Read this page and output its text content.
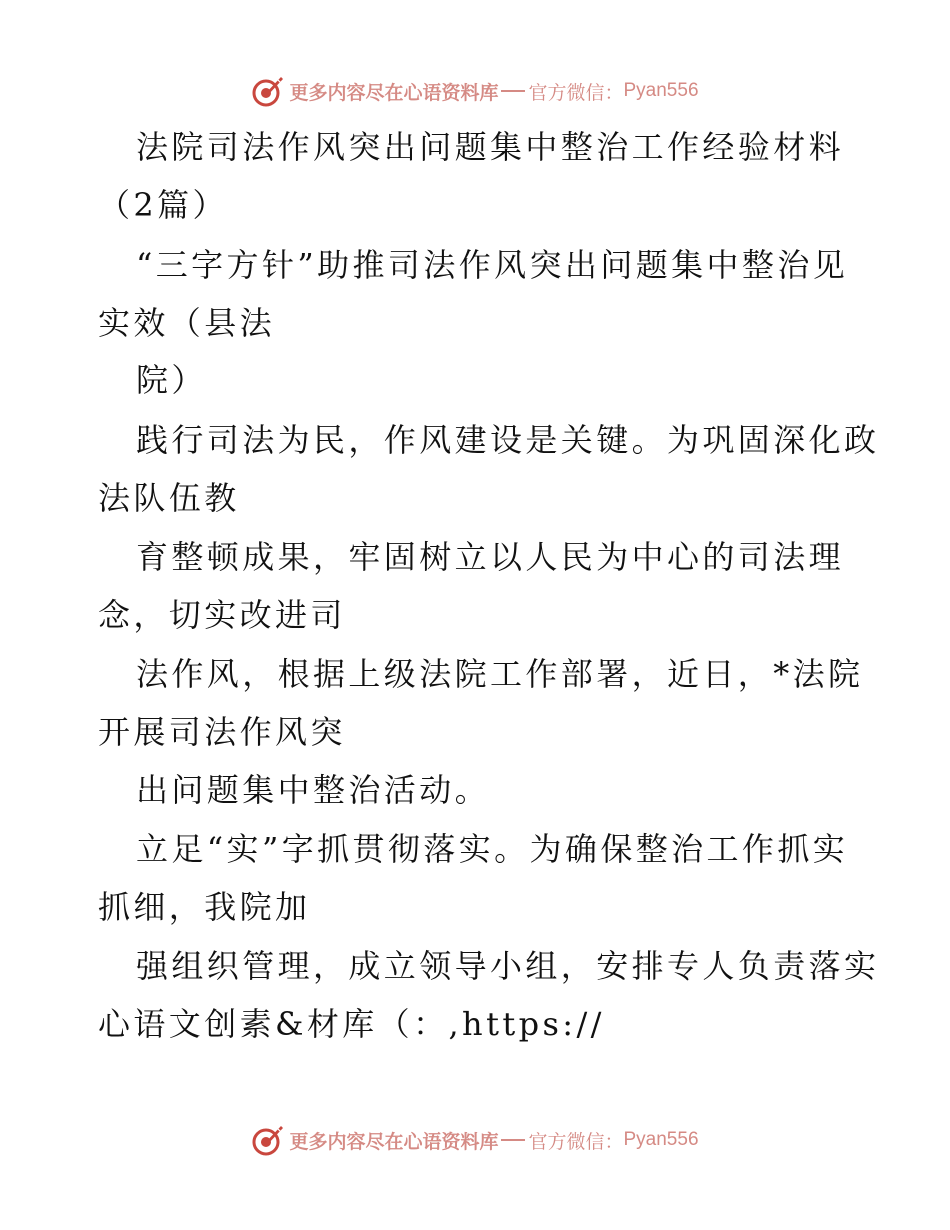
更多内容尽在心语资料库 官方微信： Pyan556
法院司法作风突出问题集中整治工作经验材料
（2篇）
“三字方针”助推司法作风突出问题集中整治见
实效（县法
院）
践行司法为民，作风建设是关键。为巩固深化政
法队伍教
育整顿成果，牢固树立以人民为中心的司法理
念，切实改进司
法作风，根据上级法院工作部署，近日，*法院
开展司法作风突
出问题集中整治活动。
立足“实”字抓贯彻落实。为确保整治工作抓实
抓细，我院加
强组织管理，成立领导小组，安排专人负责落实
心语文创素&材库（：,https://
更多内容尽在心语资料库 官方微信： Pyan556
